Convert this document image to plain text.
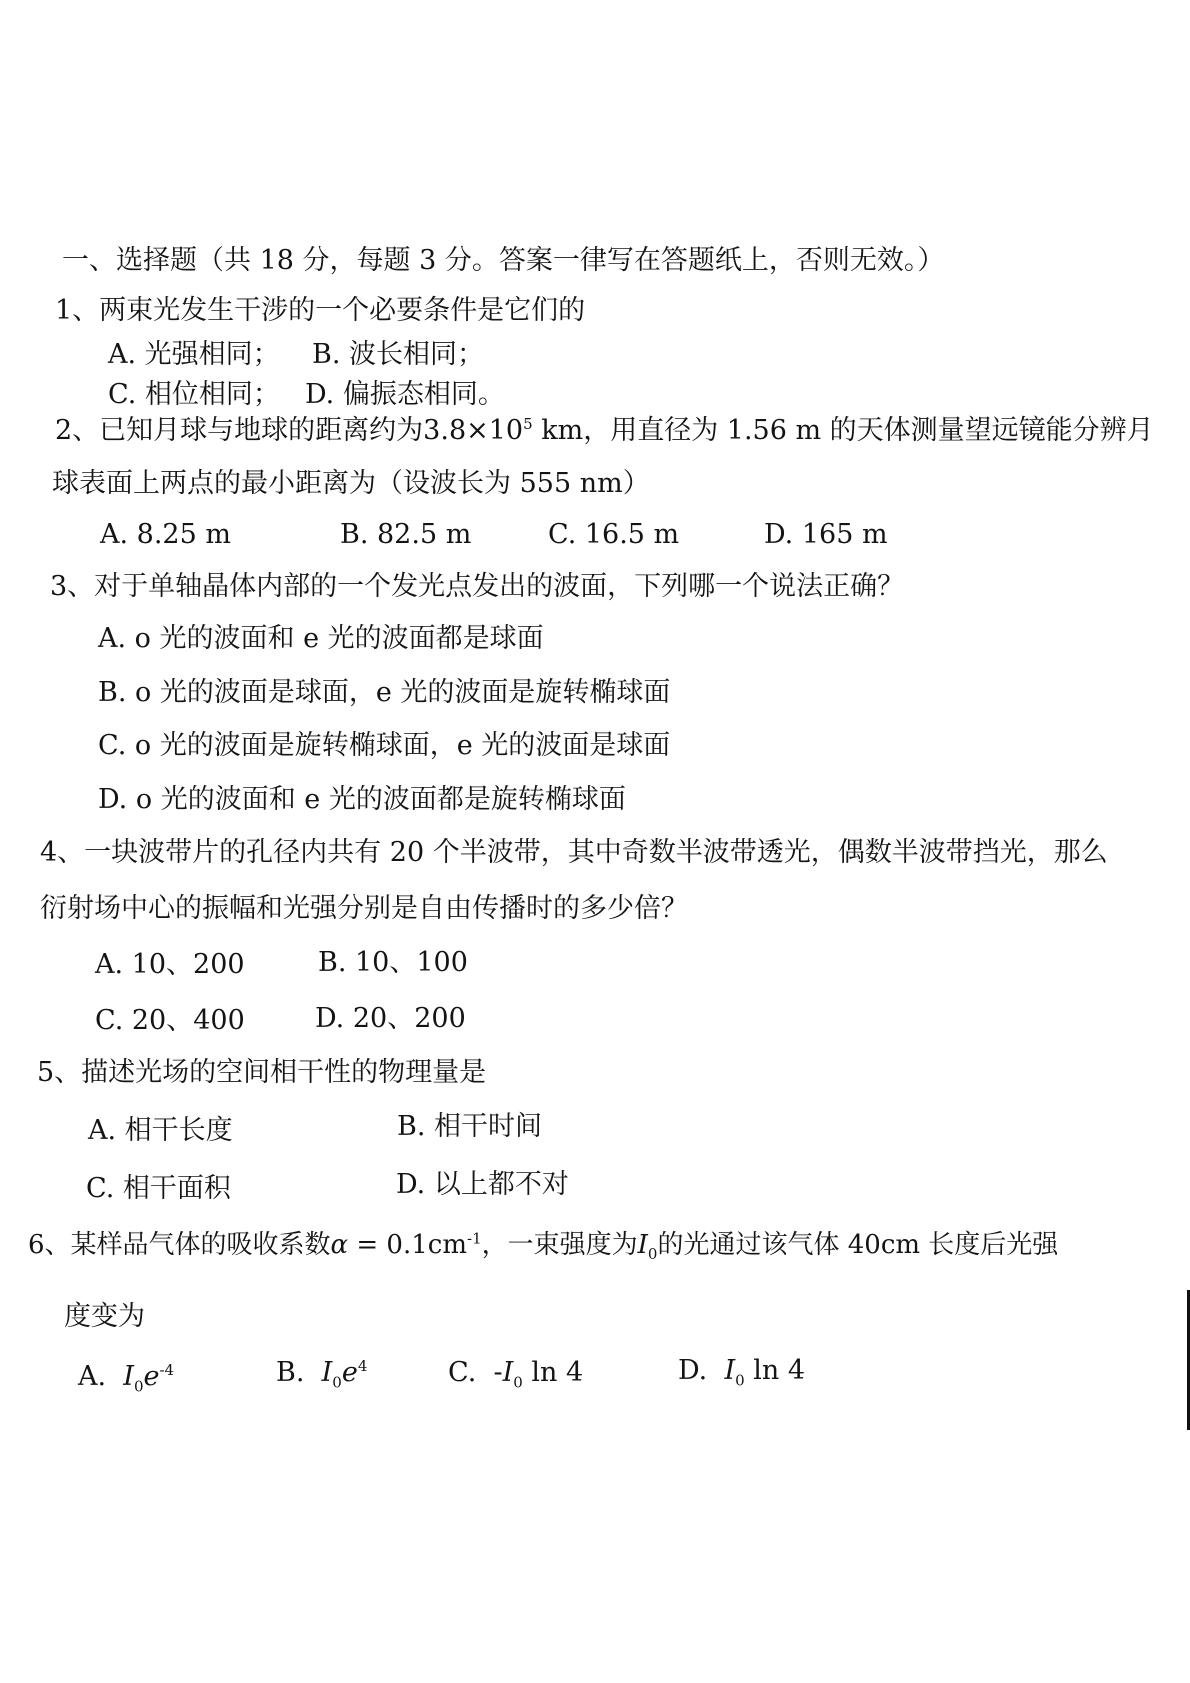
一、选择题（共 18 分，每题 3 分。答案一律写在答题纸上，否则无效。）
1、两束光发生干涉的一个必要条件是它们的
A. 光强相同； B. 波长相同；
C. 相位相同； D. 偏振态相同。
2、已知月球与地球的距离约为$3.8\times 10^5$ km，用直径为 1.56 m 的天体测量望远镜能分辨月
球表面上两点的最小距离为（设波长为 555 nm）
A. 8.25 m	B. 82.5 m	C. 16.5 m	D. 165 m
3、对于单轴晶体内部的一个发光点发出的波面，下列哪一个说法正确？
A. o 光的波面和 e 光的波面都是球面
B. o 光的波面是球面，e 光的波面是旋转椭球面
C. o 光的波面是旋转椭球面，e 光的波面是球面
D. o 光的波面和 e 光的波面都是旋转椭球面
4、一块波带片的孔径内共有 20 个半波带，其中奇数半波带透光，偶数半波带挡光，那么
衍射场中心的振幅和光强分别是自由传播时的多少倍？
A. 10、200	B. 10、100
C. 20、400	D. 20、200
5、描述光场的空间相干性的物理量是
A. 相干长度	B. 相干时间
C. 相干面积	D. 以上都不对
6、某样品气体的吸收系数$\alpha = 0.1cm^{-1}$，一束强度为$I_0$的光通过该气体 40cm 长度后光强
度变为
A. $I_0e^{-4}$	B. $I_0e^4$	C. $-I_0$ ln 4	D. $I_0$ ln 4
